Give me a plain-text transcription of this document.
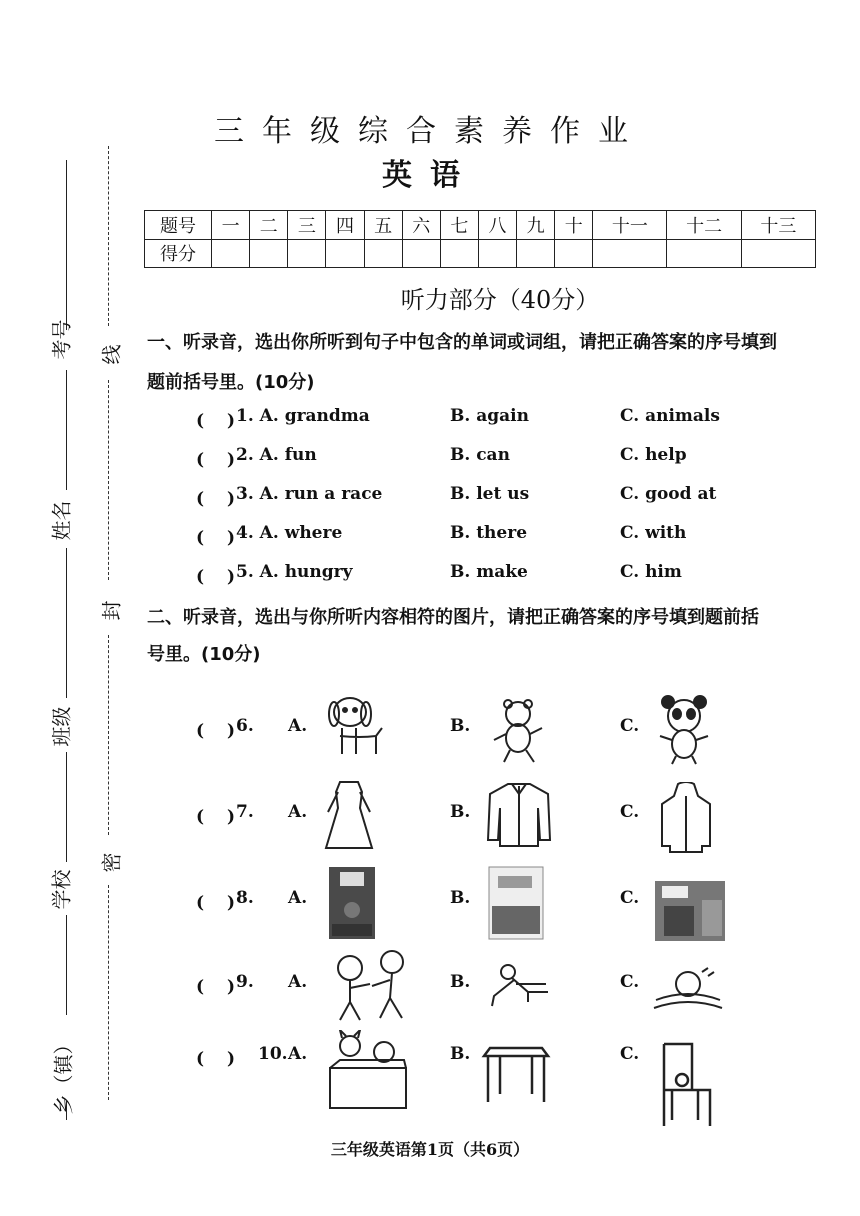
考号
姓名
班级
学校
乡（镇）
线
封
密
三年级综合素养作业
英语
题号	一	二	三	四	五	六	七	八	九	十	十一	十二	十三
得分													
听力部分（40分）
一、听录音，选出你所听到句子中包含的单词或词组，请把正确答案的序号填到
题前括号里。(10分)
(　 ) 1. A. grandma	B. again	C. animals
(　 ) 2. A. fun	B. can	C. help
(　 ) 3. A. run a race	B. let us	C. good at
(　 ) 4. A. where	B. there	C. with
(　 ) 5. A. hungry	B. make	C. him
二、听录音，选出与你所听内容相符的图片，请把正确答案的序号填到题前括
号里。(10分)
(　 ) 6. A.	B.	C.
(　 ) 7. A.	B.	C.
(　 ) 8. A.	B.	C.
(　 ) 9. A.	B.	C.
(　 ) 10. A.	B.	C.
三年级英语第1页（共6页）
